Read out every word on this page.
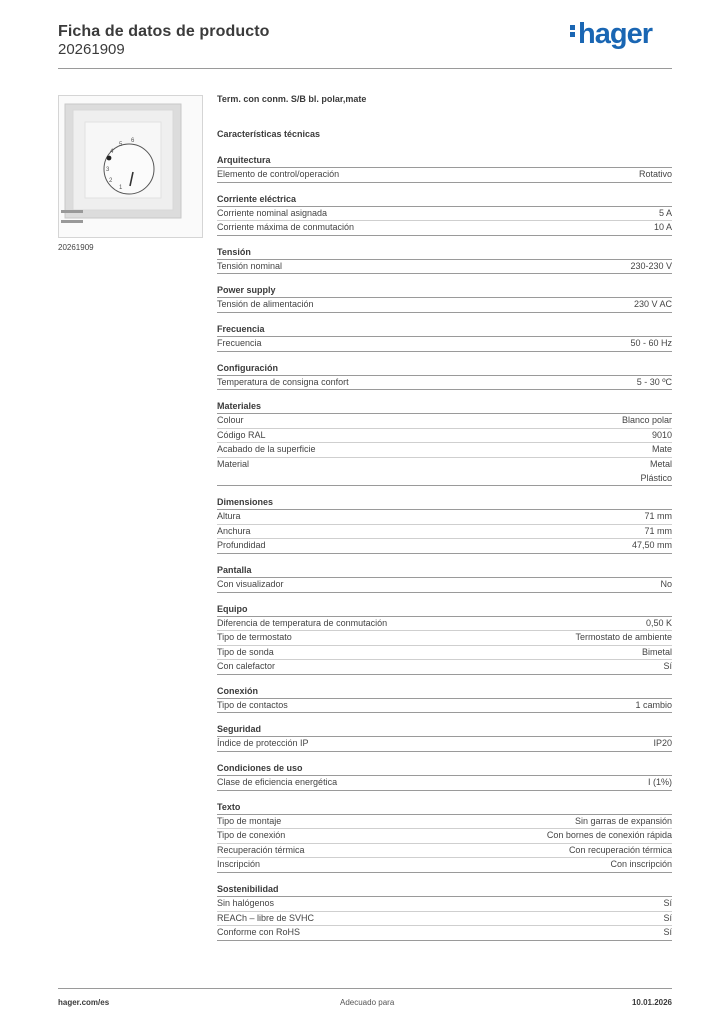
Ficha de datos de producto
20261909	hager
5
6
4
3
2
1
20261909
Term. con conm. S/B bl. polar,mate
Características técnicas
Arquitectura
Elemento de control/operación	Rotativo
Corriente eléctrica
Corriente nominal asignada	5 A
Corriente máxima de conmutación	10 A
Tensión
Tensión nominal	230-230 V
Power supply
Tensión de alimentación	230 V AC
Frecuencia
Frecuencia	50 - 60 Hz
Configuración
Temperatura de consigna confort	5 - 30 ºC
Materiales
Colour	Blanco polar
Código RAL	9010
Acabado de la superficie	Mate
Material	Metal
Plástico
Dimensiones
Altura	71 mm
Anchura	71 mm
Profundidad	47,50 mm
Pantalla
Con visualizador	No
Equipo
Diferencia de temperatura de conmutación	0,50 K
Tipo de termostato	Termostato de ambiente
Tipo de sonda	Bimetal
Con calefactor	Sí
Conexión
Tipo de contactos	1 cambio
Seguridad
Índice de protección IP	IP20
Condiciones de uso
Clase de eficiencia energética	I (1%)
Texto
Tipo de montaje	Sin garras de expansión
Tipo de conexión	Con bornes de conexión rápida
Recuperación térmica	Con recuperación térmica
Inscripción	Con inscripción
Sostenibilidad
Sin halógenos	Sí
REACh – libre de SVHC	Sí
Conforme con RoHS	Sí
hager.com/es	Adecuado para	10.01.2026
